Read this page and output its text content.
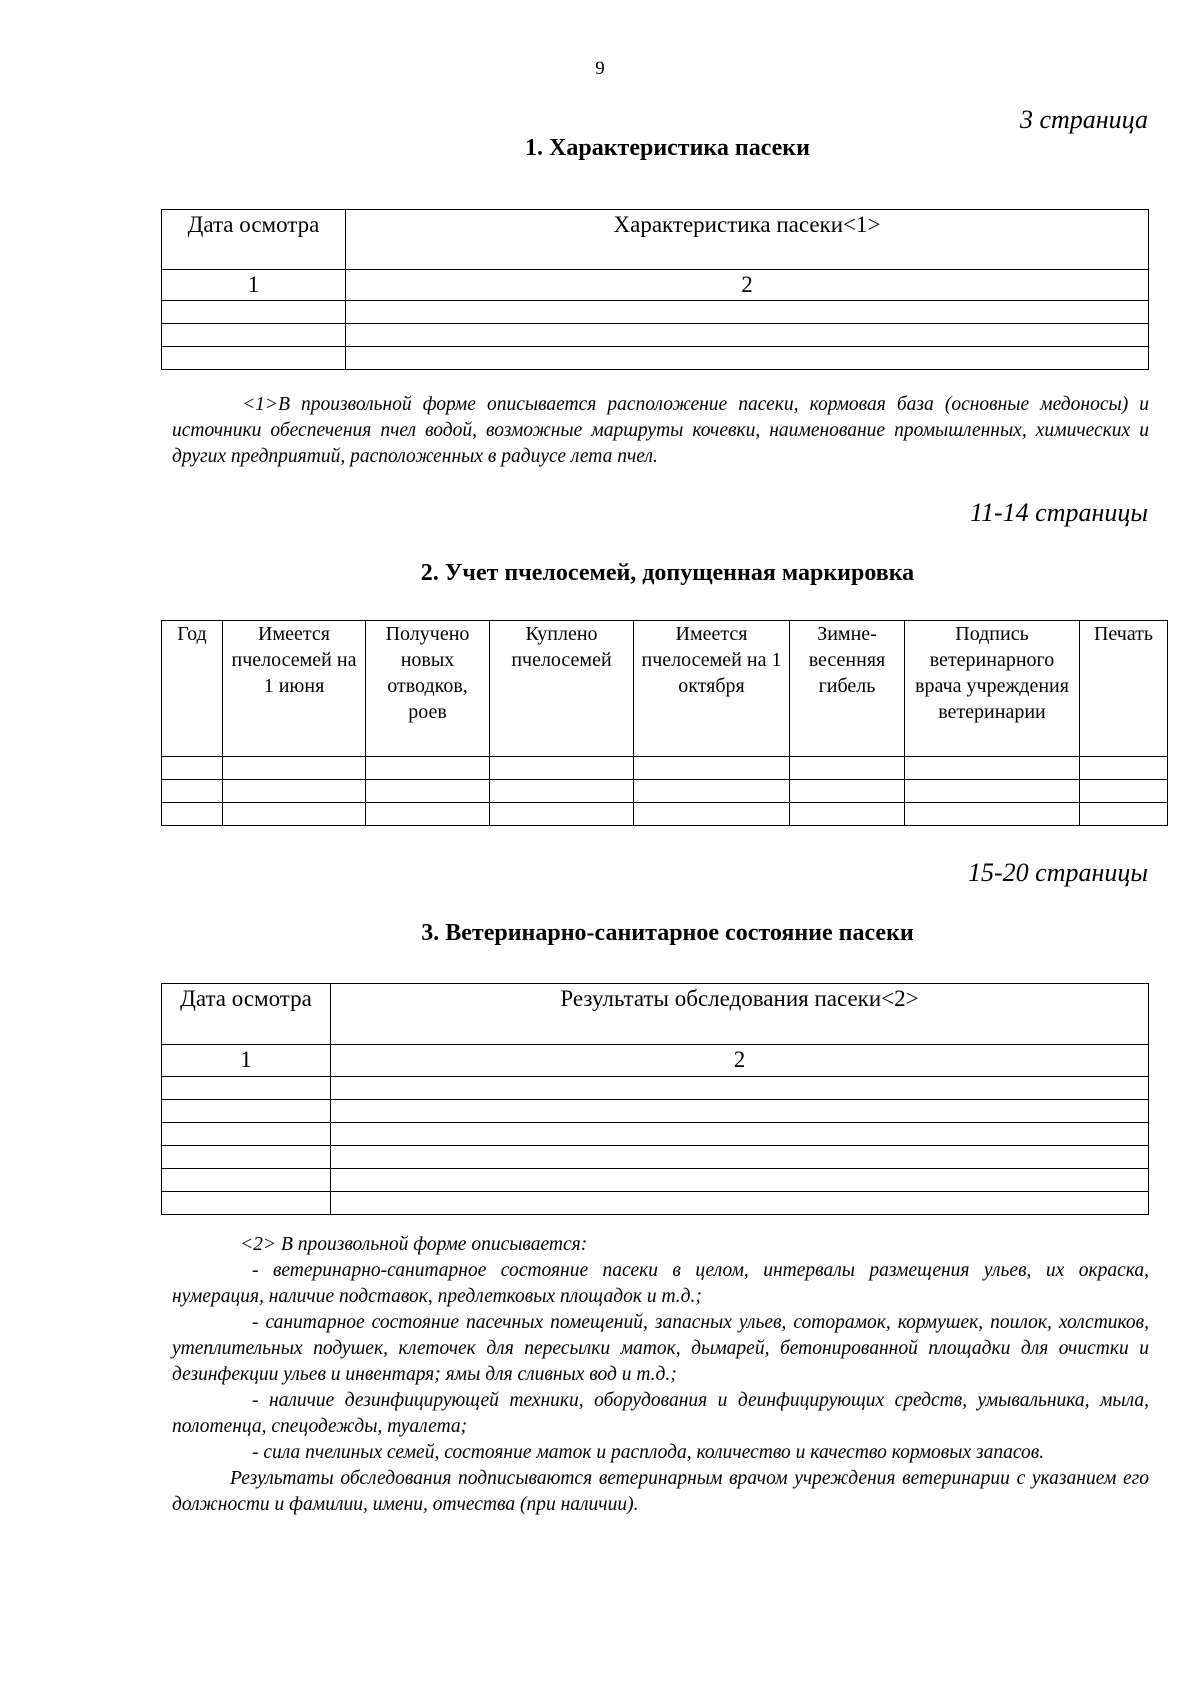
9
3 страница
1. Характеристика пасеки
Дата осмотра	Характеристика пасеки<1>
1	2

<1>В произвольной форме описывается расположение пасеки, кормовая база (основные медоносы) и источники обеспечения пчел водой, возможные маршруты кочевки, наименование промышленных, химических и других предприятий, расположенных в радиусе лета пчел.

11-14 страницы
2. Учет пчелосемей, допущенная маркировка
Год	Имеется пчелосемей на 1 июня	Получено новых отводков, роев	Куплено пчелосемей	Имеется пчелосемей на 1 октября	Зимне-весенняя гибель	Подпись ветеринарного врача учреждения ветеринарии	Печать

15-20 страницы
3. Ветеринарно-санитарное состояние пасеки
Дата осмотра	Результаты обследования пасеки<2>
1	2

<2> В произвольной форме описывается:

- ветеринарно-санитарное состояние пасеки в целом, интервалы размещения ульев, их окраска, нумерация, наличие подставок, предлетковых площадок и т.д.;

- санитарное состояние пасечных помещений, запасных ульев, соторамок, кормушек, поилок, холстиков, утеплительных подушек, клеточек для пересылки маток, дымарей, бетонированной площадки для очистки и дезинфекции ульев и инвентаря; ямы для сливных вод и т.д.;

- наличие дезинфицирующей техники, оборудования и деинфицирующих средств, умывальника, мыла, полотенца, спецодежды, туалета;

- сила пчелиных семей, состояние маток и расплода, количество и качество кормовых запасов.

Результаты обследования подписываются ветеринарным врачом учреждения ветеринарии с указанием его должности и фамилии, имени, отчества (при наличии).
